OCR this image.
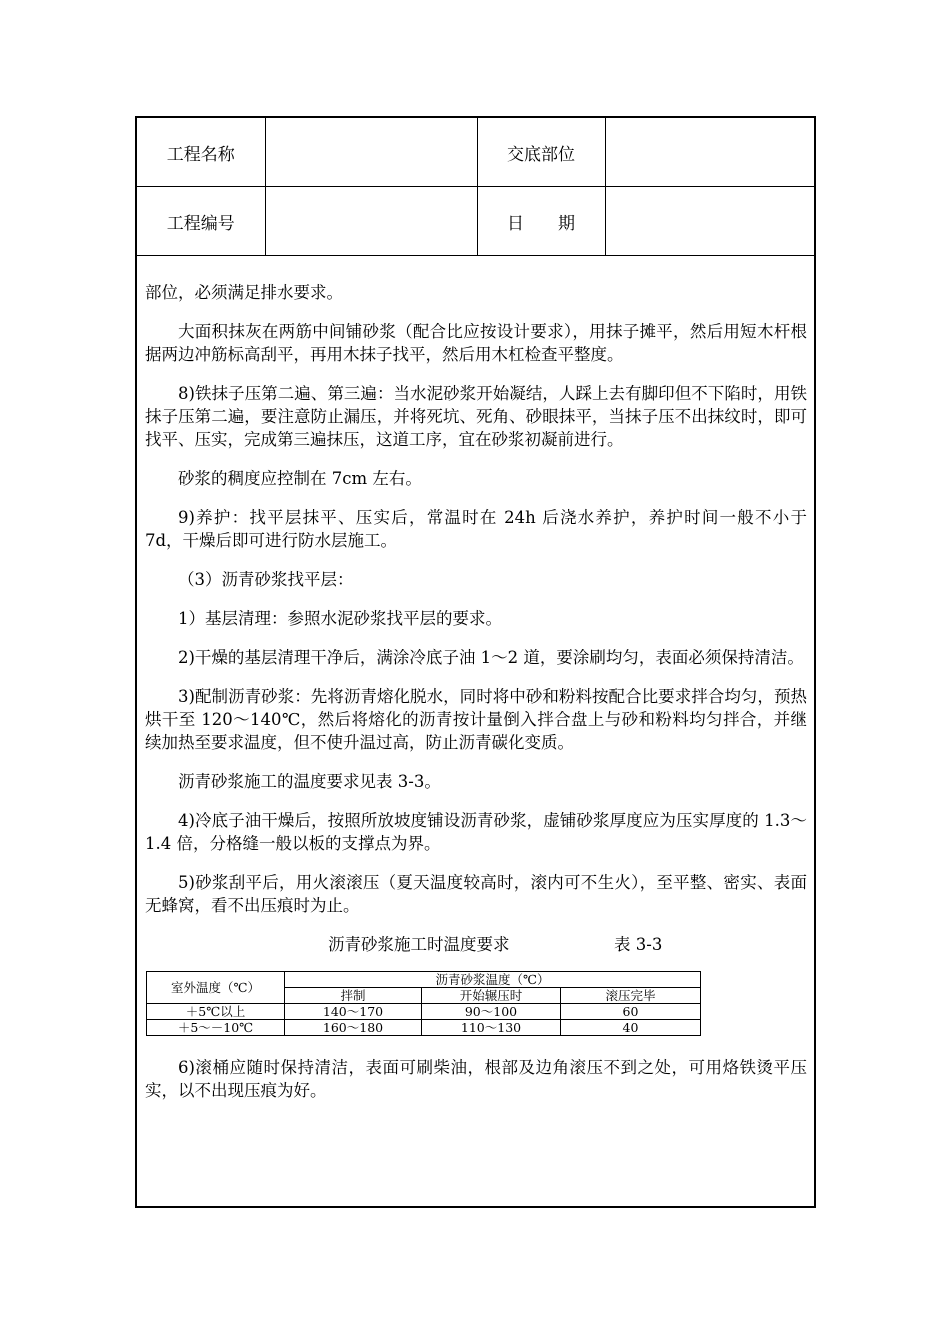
工程名称		交底部位	
工程编号		日　　期	

部位，必须满足排水要求。

大面积抹灰在两筋中间铺砂浆（配合比应按设计要求），用抹子摊平，然后用短木杆根据两边冲筋标高刮平，再用木抹子找平，然后用木杠检查平整度。

8)铁抹子压第二遍、第三遍：当水泥砂浆开始凝结，人踩上去有脚印但不下陷时，用铁抹子压第二遍，要注意防止漏压，并将死坑、死角、砂眼抹平，当抹子压不出抹纹时，即可找平、压实，完成第三遍抹压，这道工序，宜在砂浆初凝前进行。

砂浆的稠度应控制在 7cm 左右。

9)养护：找平层抹平、压实后，常温时在 24h 后浇水养护，养护时间一般不小于 7d，干燥后即可进行防水层施工。

（3）沥青砂浆找平层：

1）基层清理：参照水泥砂浆找平层的要求。

2)干燥的基层清理干净后，满涂冷底子油 1～2 道，要涂刷均匀，表面必须保持清洁。

3)配制沥青砂浆：先将沥青熔化脱水，同时将中砂和粉料按配合比要求拌合均匀，预热烘干至 120～140℃，然后将熔化的沥青按计量倒入拌合盘上与砂和粉料均匀拌合，并继续加热至要求温度，但不使升温过高，防止沥青碳化变质。

沥青砂浆施工的温度要求见表 3-3。

4)冷底子油干燥后，按照所放坡度铺设沥青砂浆，虚铺砂浆厚度应为压实厚度的 1.3～1.4 倍，分格缝一般以板的支撑点为界。

5)砂浆刮平后，用火滚滚压（夏天温度较高时，滚内可不生火），至平整、密实、表面无蜂窝，看不出压痕时为止。

沥青砂浆施工时温度要求	表 3-3
室外温度（℃）	沥青砂浆温度（℃）		
	拌制	开始辗压时	滚压完毕
＋5℃以上	140～170	90～100	60
＋5～－10℃	160～180	110～130	40

6)滚桶应随时保持清洁，表面可刷柴油，根部及边角滚压不到之处，可用烙铁烫平压实，以不出现压痕为好。
